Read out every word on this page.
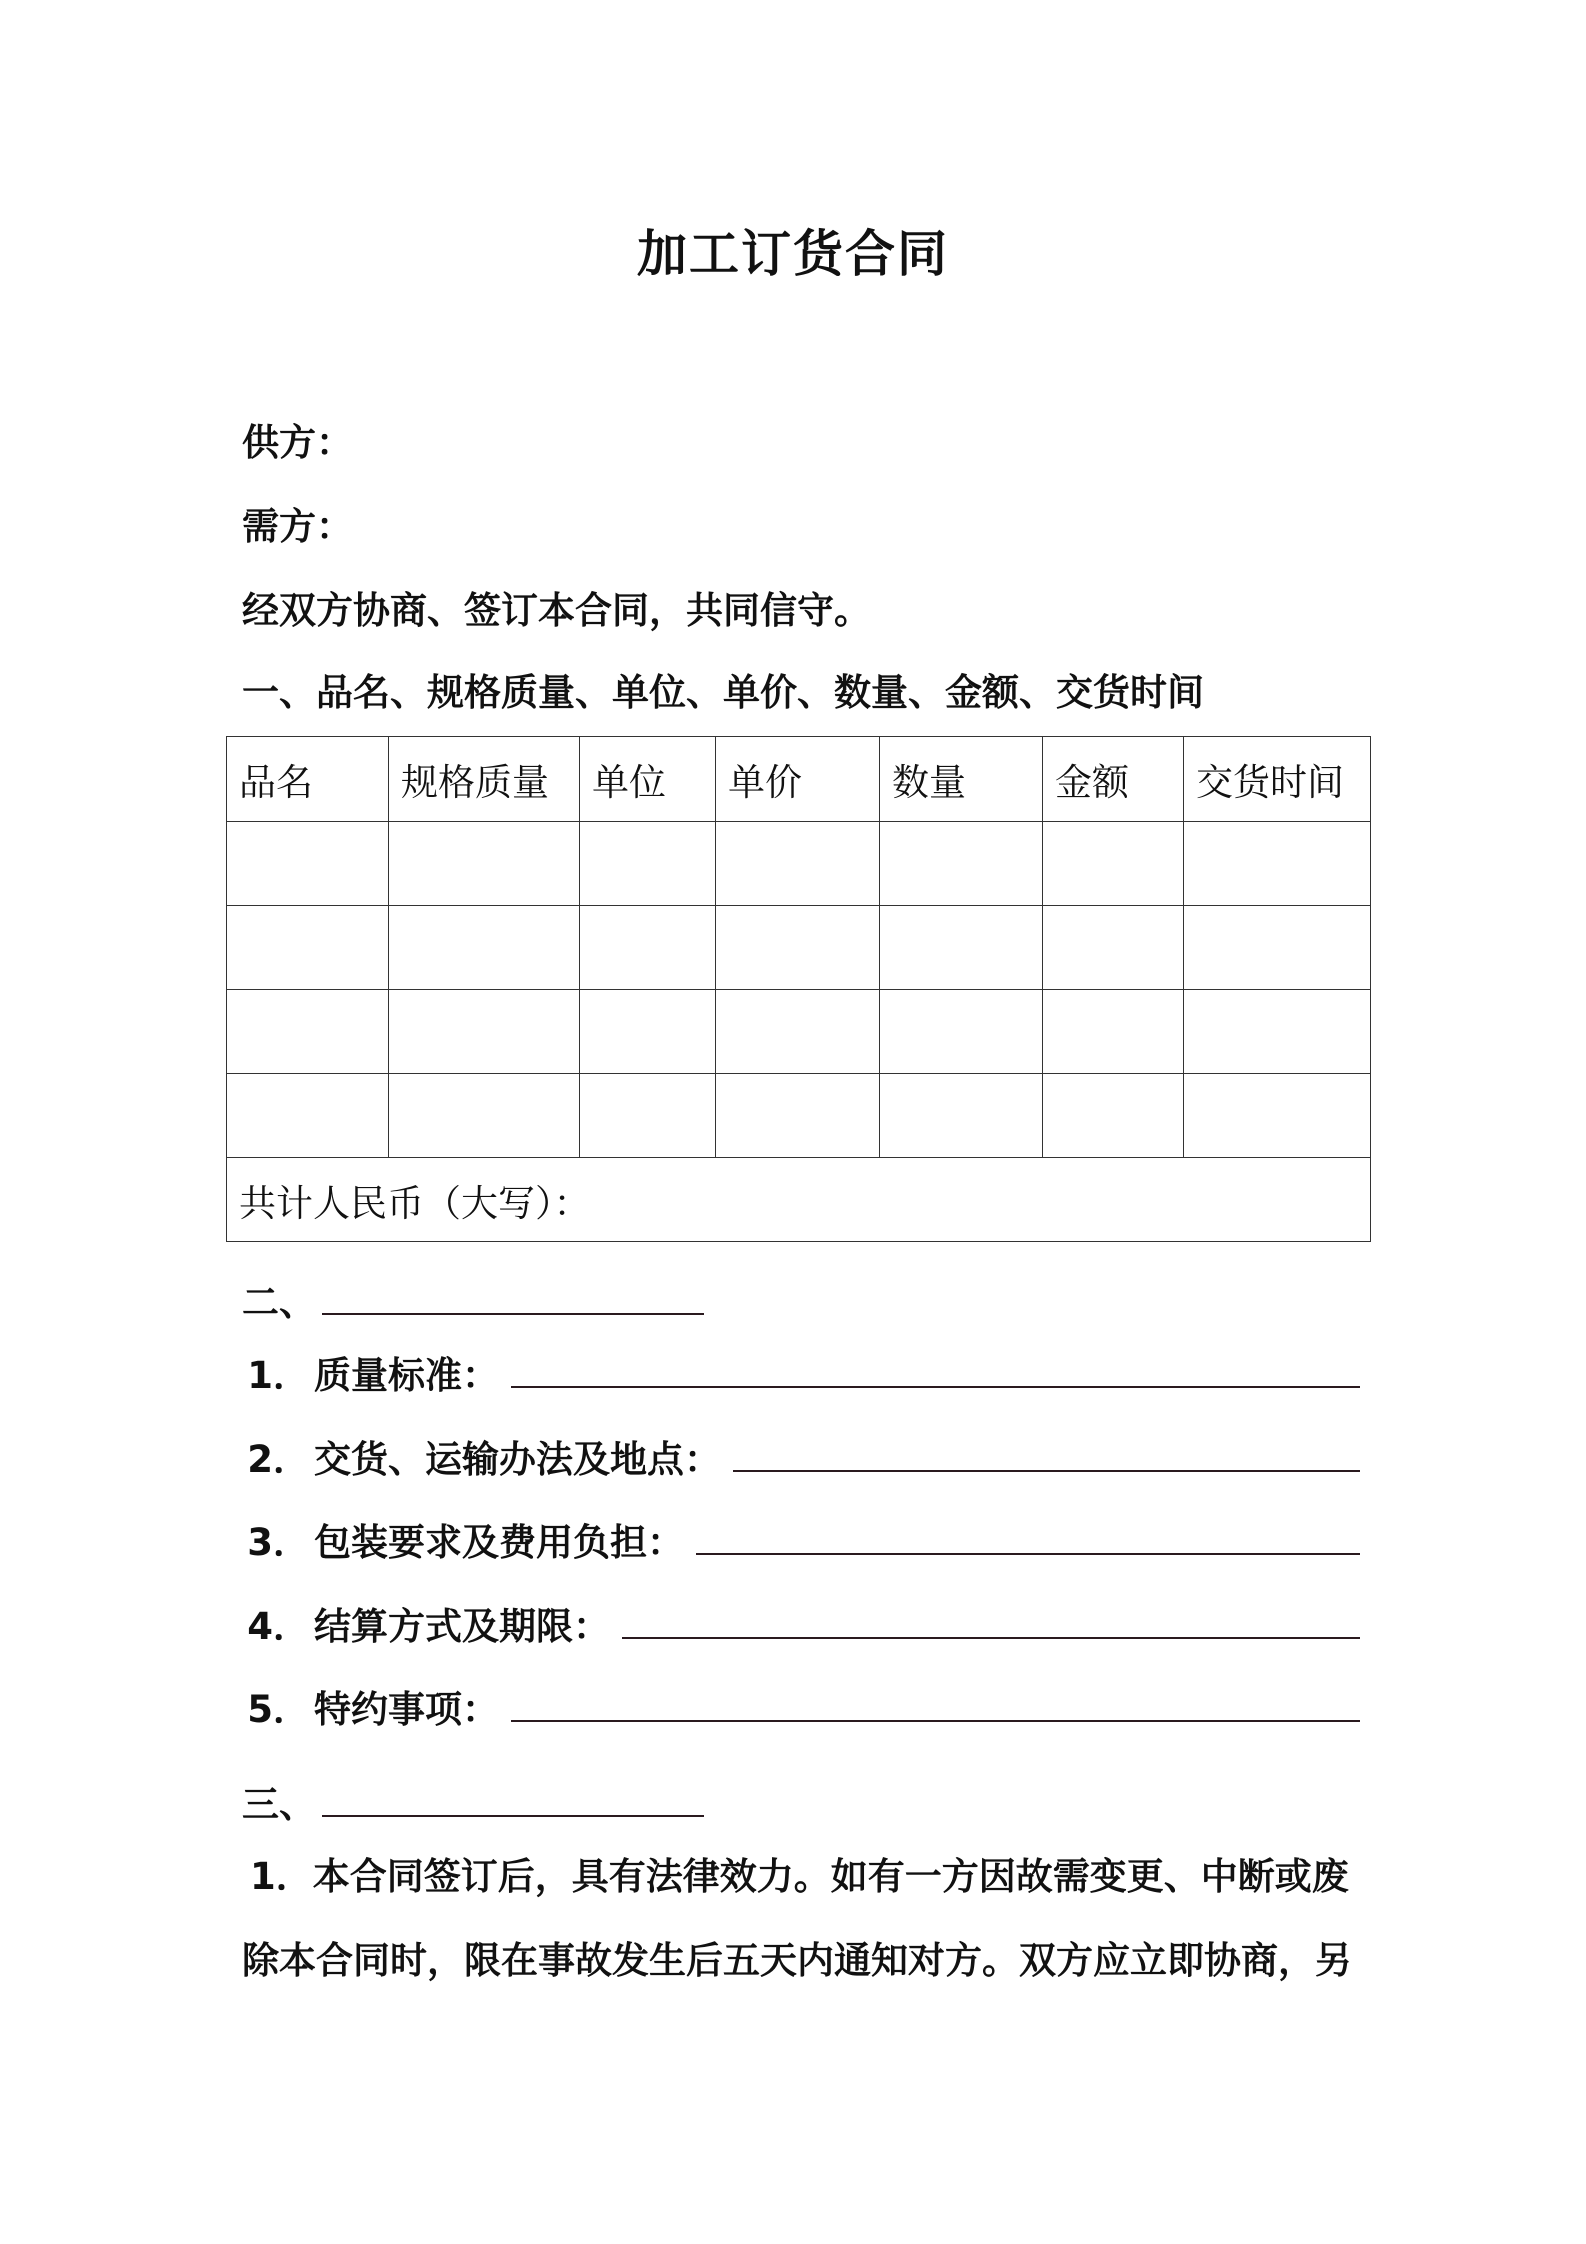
加工订货合同
供方：
需方：
经双方协商、签订本合同，共同信守。
一、品名、规格质量、单位、单价、数量、金额、交货时间
品名	规格质量	单位	单价	数量	金额	交货时间

共计人民币（大写）：						
二、
1． 质量标准：
2． 交货、运输办法及地点：
3． 包装要求及费用负担：
4． 结算方式及期限：
5． 特约事项：
三、
1．本合同签订后，具有法律效力。如有一方因故需变更、中断或废
除本合同时，限在事故发生后五天内通知对方。双方应立即协商，另
